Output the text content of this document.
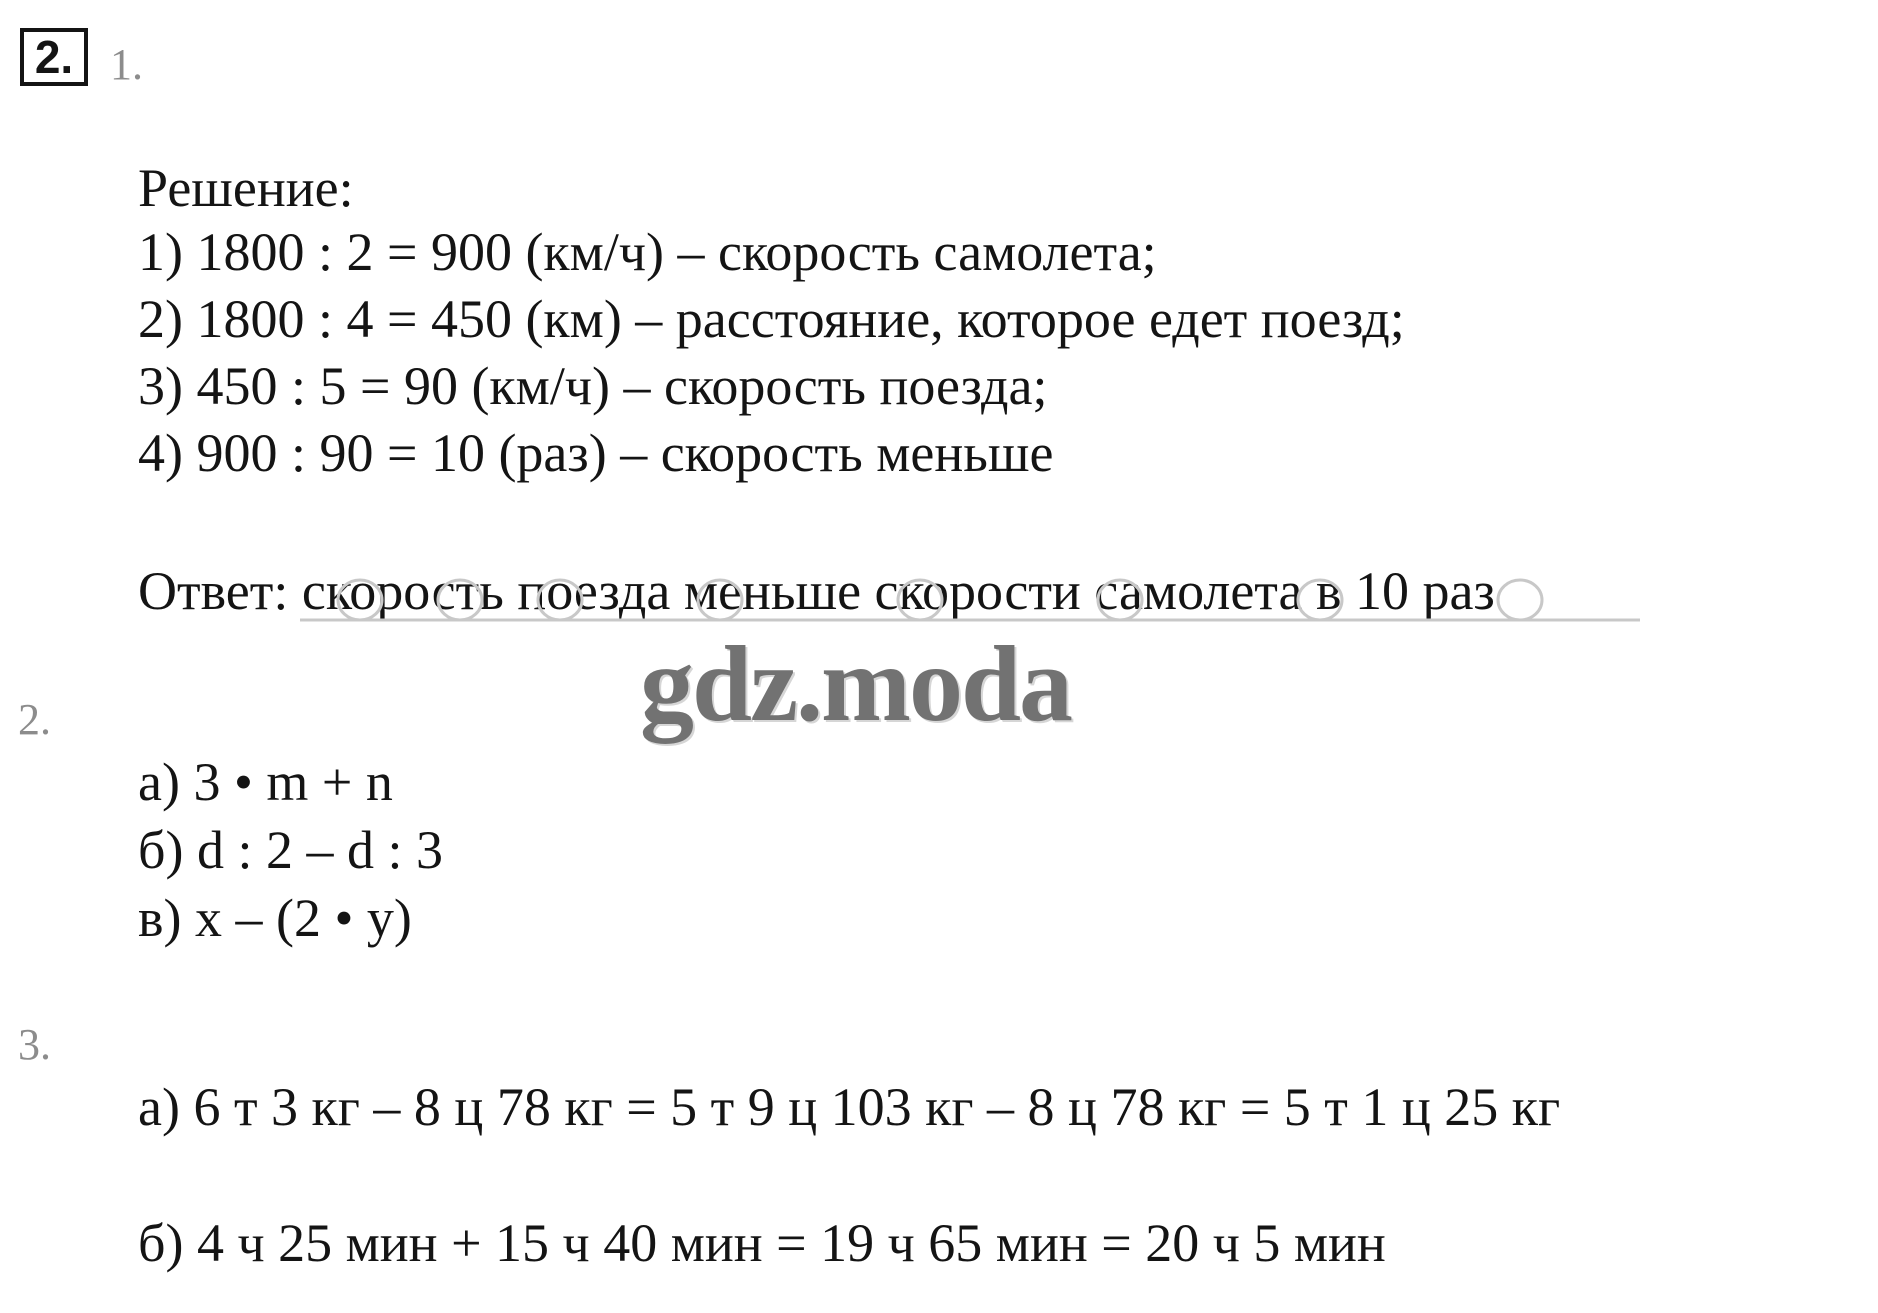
2. 1.
Решение:
1) 1800 : 2 = 900 (км/ч) – скорость самолета;
2) 1800 : 4 = 450 (км) – расстояние, которое едет поезд;
3) 450 : 5 = 90 (км/ч) – скорость поезда;
4) 900 : 90 = 10 (раз) – скорость меньше
Ответ: скорость поезда меньше скорости самолета в 10 раз
gdz.moda
2.
а) 3 • m + n
б) d : 2 – d : 3
в) x – (2 • y)
3.
а) 6 т 3 кг – 8 ц 78 кг = 5 т 9 ц 103 кг – 8 ц 78 кг = 5 т 1 ц 25 кг
б) 4 ч 25 мин + 15 ч 40 мин = 19 ч 65 мин = 20 ч 5 мин
